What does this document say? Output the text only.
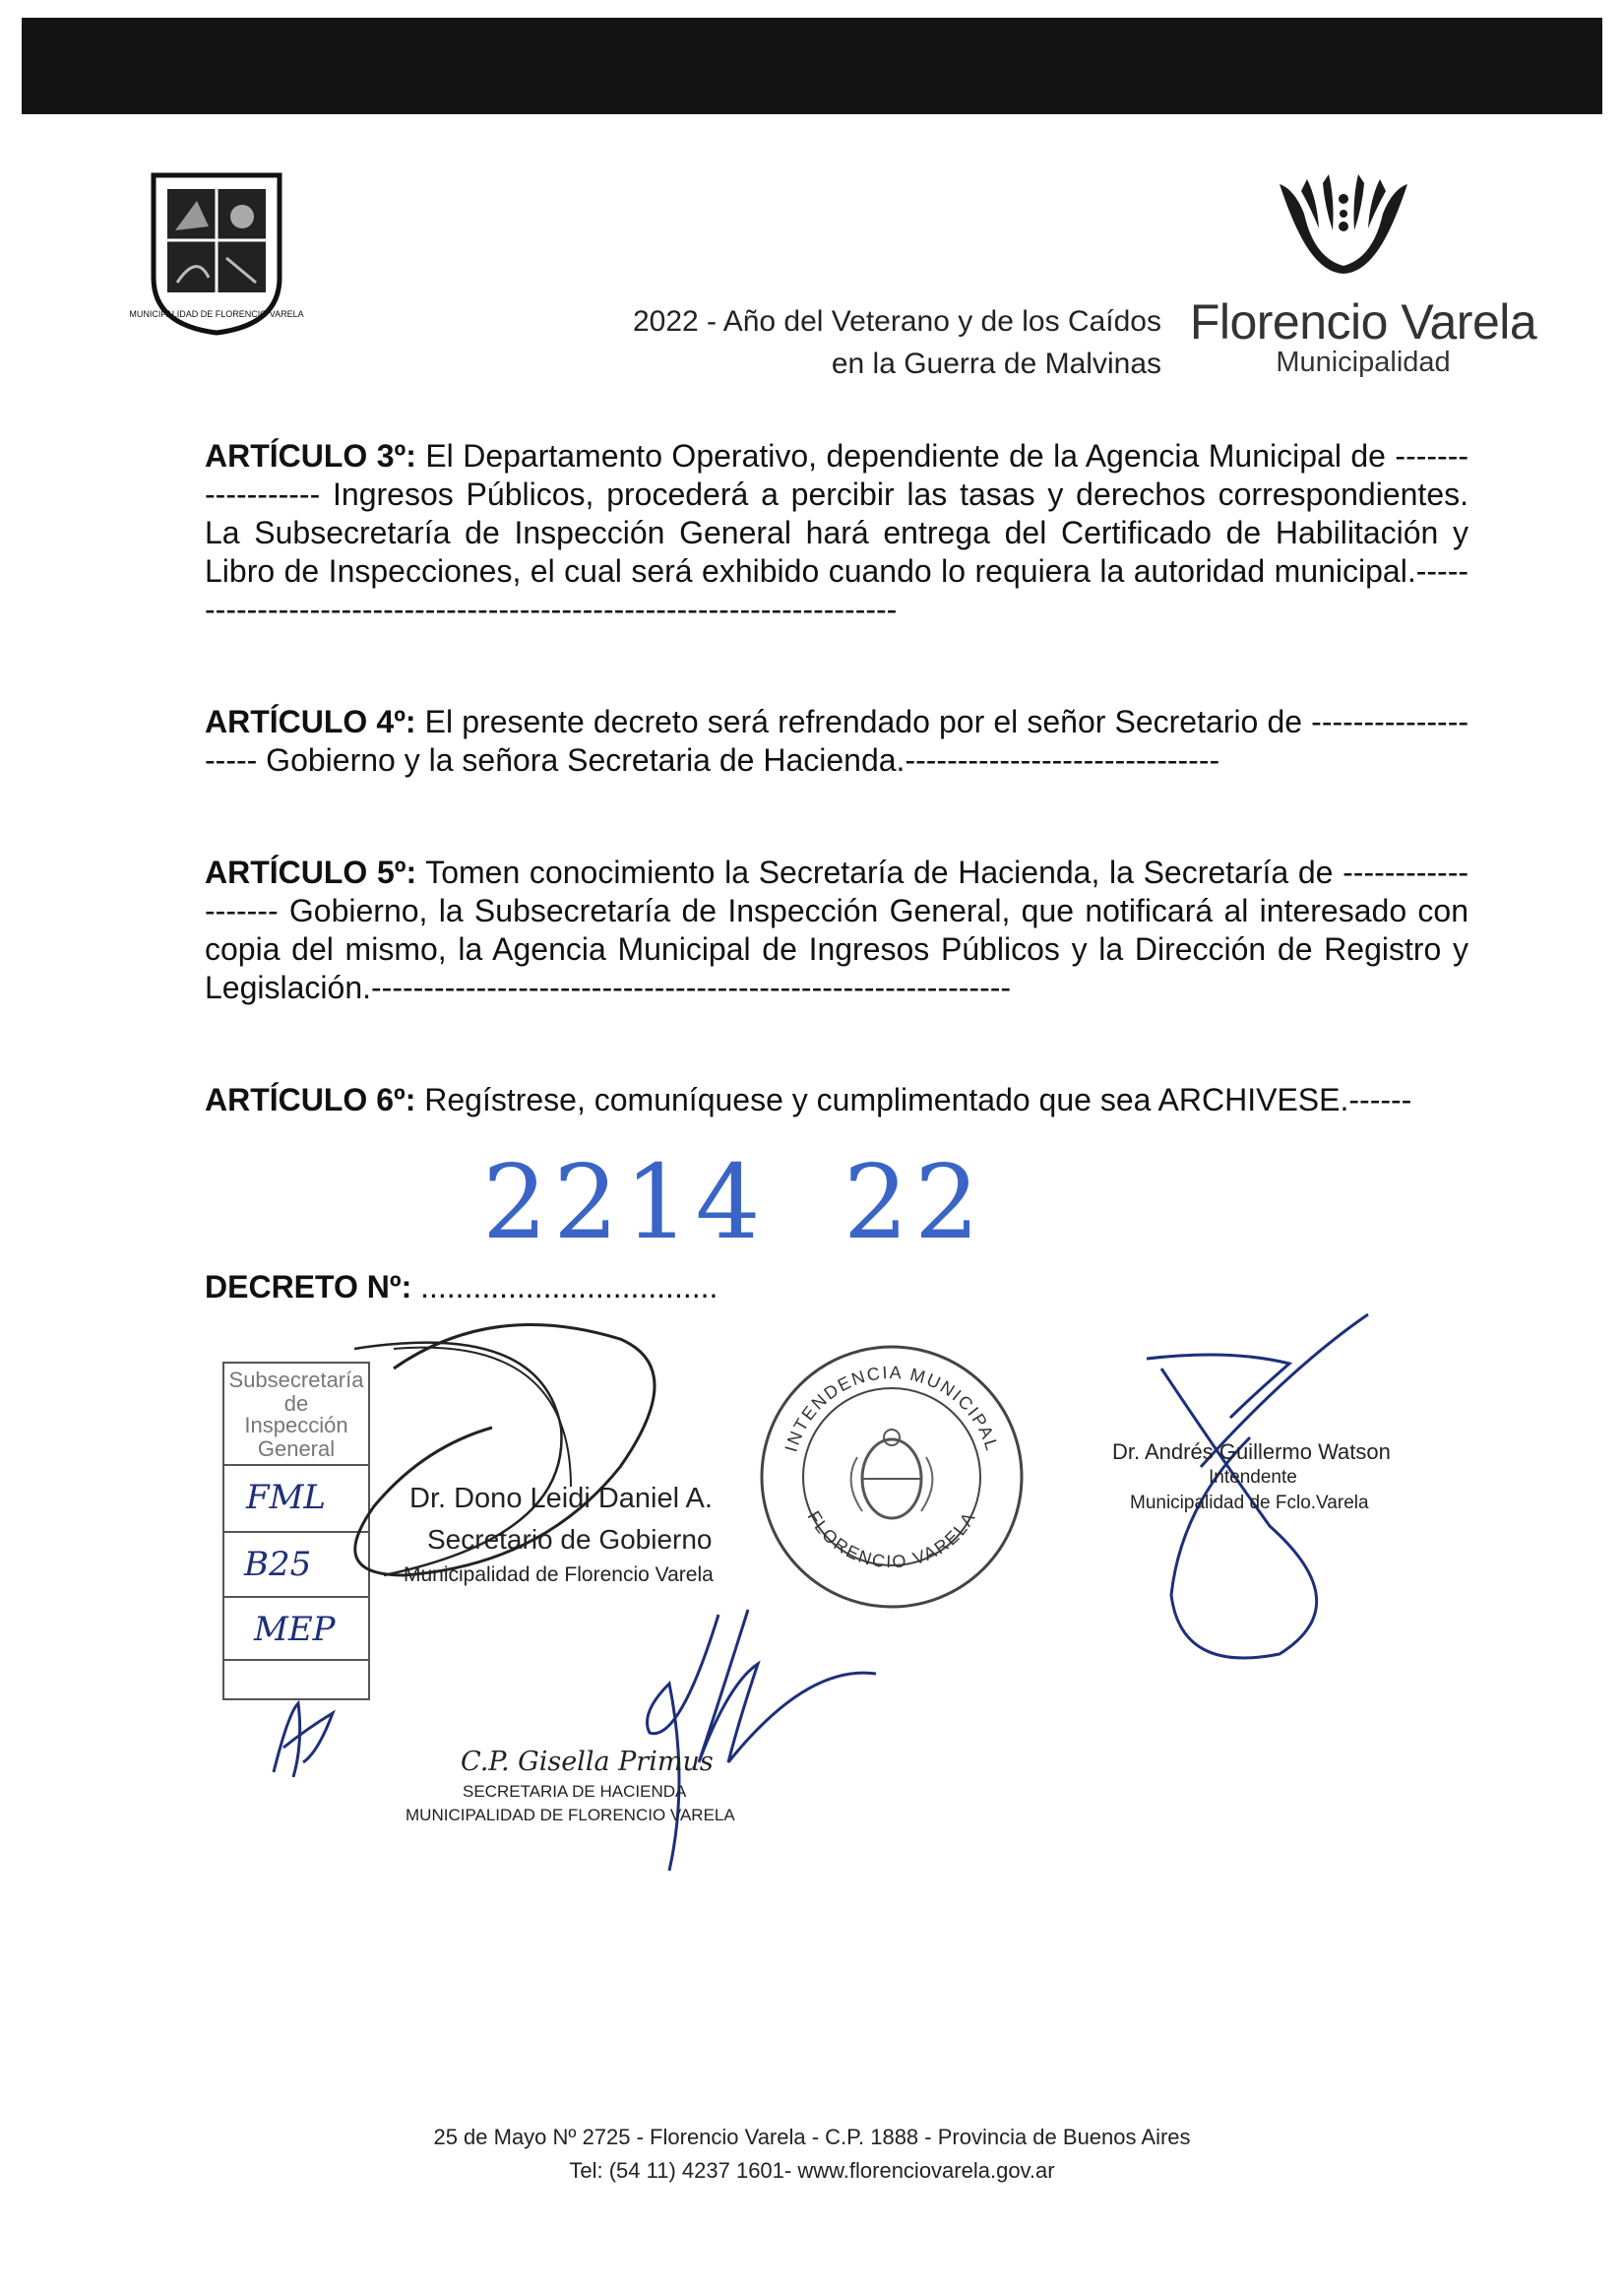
MUNICIPALIDAD DE FLORENCIO VARELA	2022 - Año del Veterano y de los Caídos
en la Guerra de Malvinas
Florencio Varela
Municipalidad
ARTÍCULO 3º: El Departamento Operativo, dependiente de la Agencia Municipal de ------------------ Ingresos Públicos, procederá a percibir las tasas y derechos correspondientes. La Subsecretaría de Inspección General hará entrega del Certificado de Habilitación y Libro de Inspecciones, el cual será exhibido cuando lo requiera la autoridad municipal.-----------------------------------------------------------------------
ARTÍCULO 4º: El presente decreto será refrendado por el señor Secretario de -------------------- Gobierno y la señora Secretaria de Hacienda.------------------------------
ARTÍCULO 5º: Tomen conocimiento la Secretaría de Hacienda, la Secretaría de ------------------- Gobierno, la Subsecretaría de Inspección General, que notificará al interesado con copia del mismo, la Agencia Municipal de Ingresos Públicos y la Dirección de Registro y Legislación.-------------------------------------------------------------
ARTÍCULO 6º: Regístrese, comuníquese y cumplimentado que sea ARCHIVESE.------
2214  22
DECRETO Nº: ..................................
Subsecretaría
de
Inspección
General
FML
B25
MEP
INTENDENCIA MUNICIPAL
FLORENCIO VARELA
Dr. Dono Leidi Daniel A.
Secretario de Gobierno
Municipalidad de Florencio Varela
Dr. Andrés Guillermo Watson
Intendente
Municipalidad de Fclo.Varela
C.P. Gisella Primus
SECRETARIA DE HACIENDA
MUNICIPALIDAD DE FLORENCIO VARELA
25 de Mayo Nº 2725 - Florencio Varela - C.P. 1888 - Provincia de Buenos Aires
Tel: (54 11) 4237 1601- www.florenciovarela.gov.ar
